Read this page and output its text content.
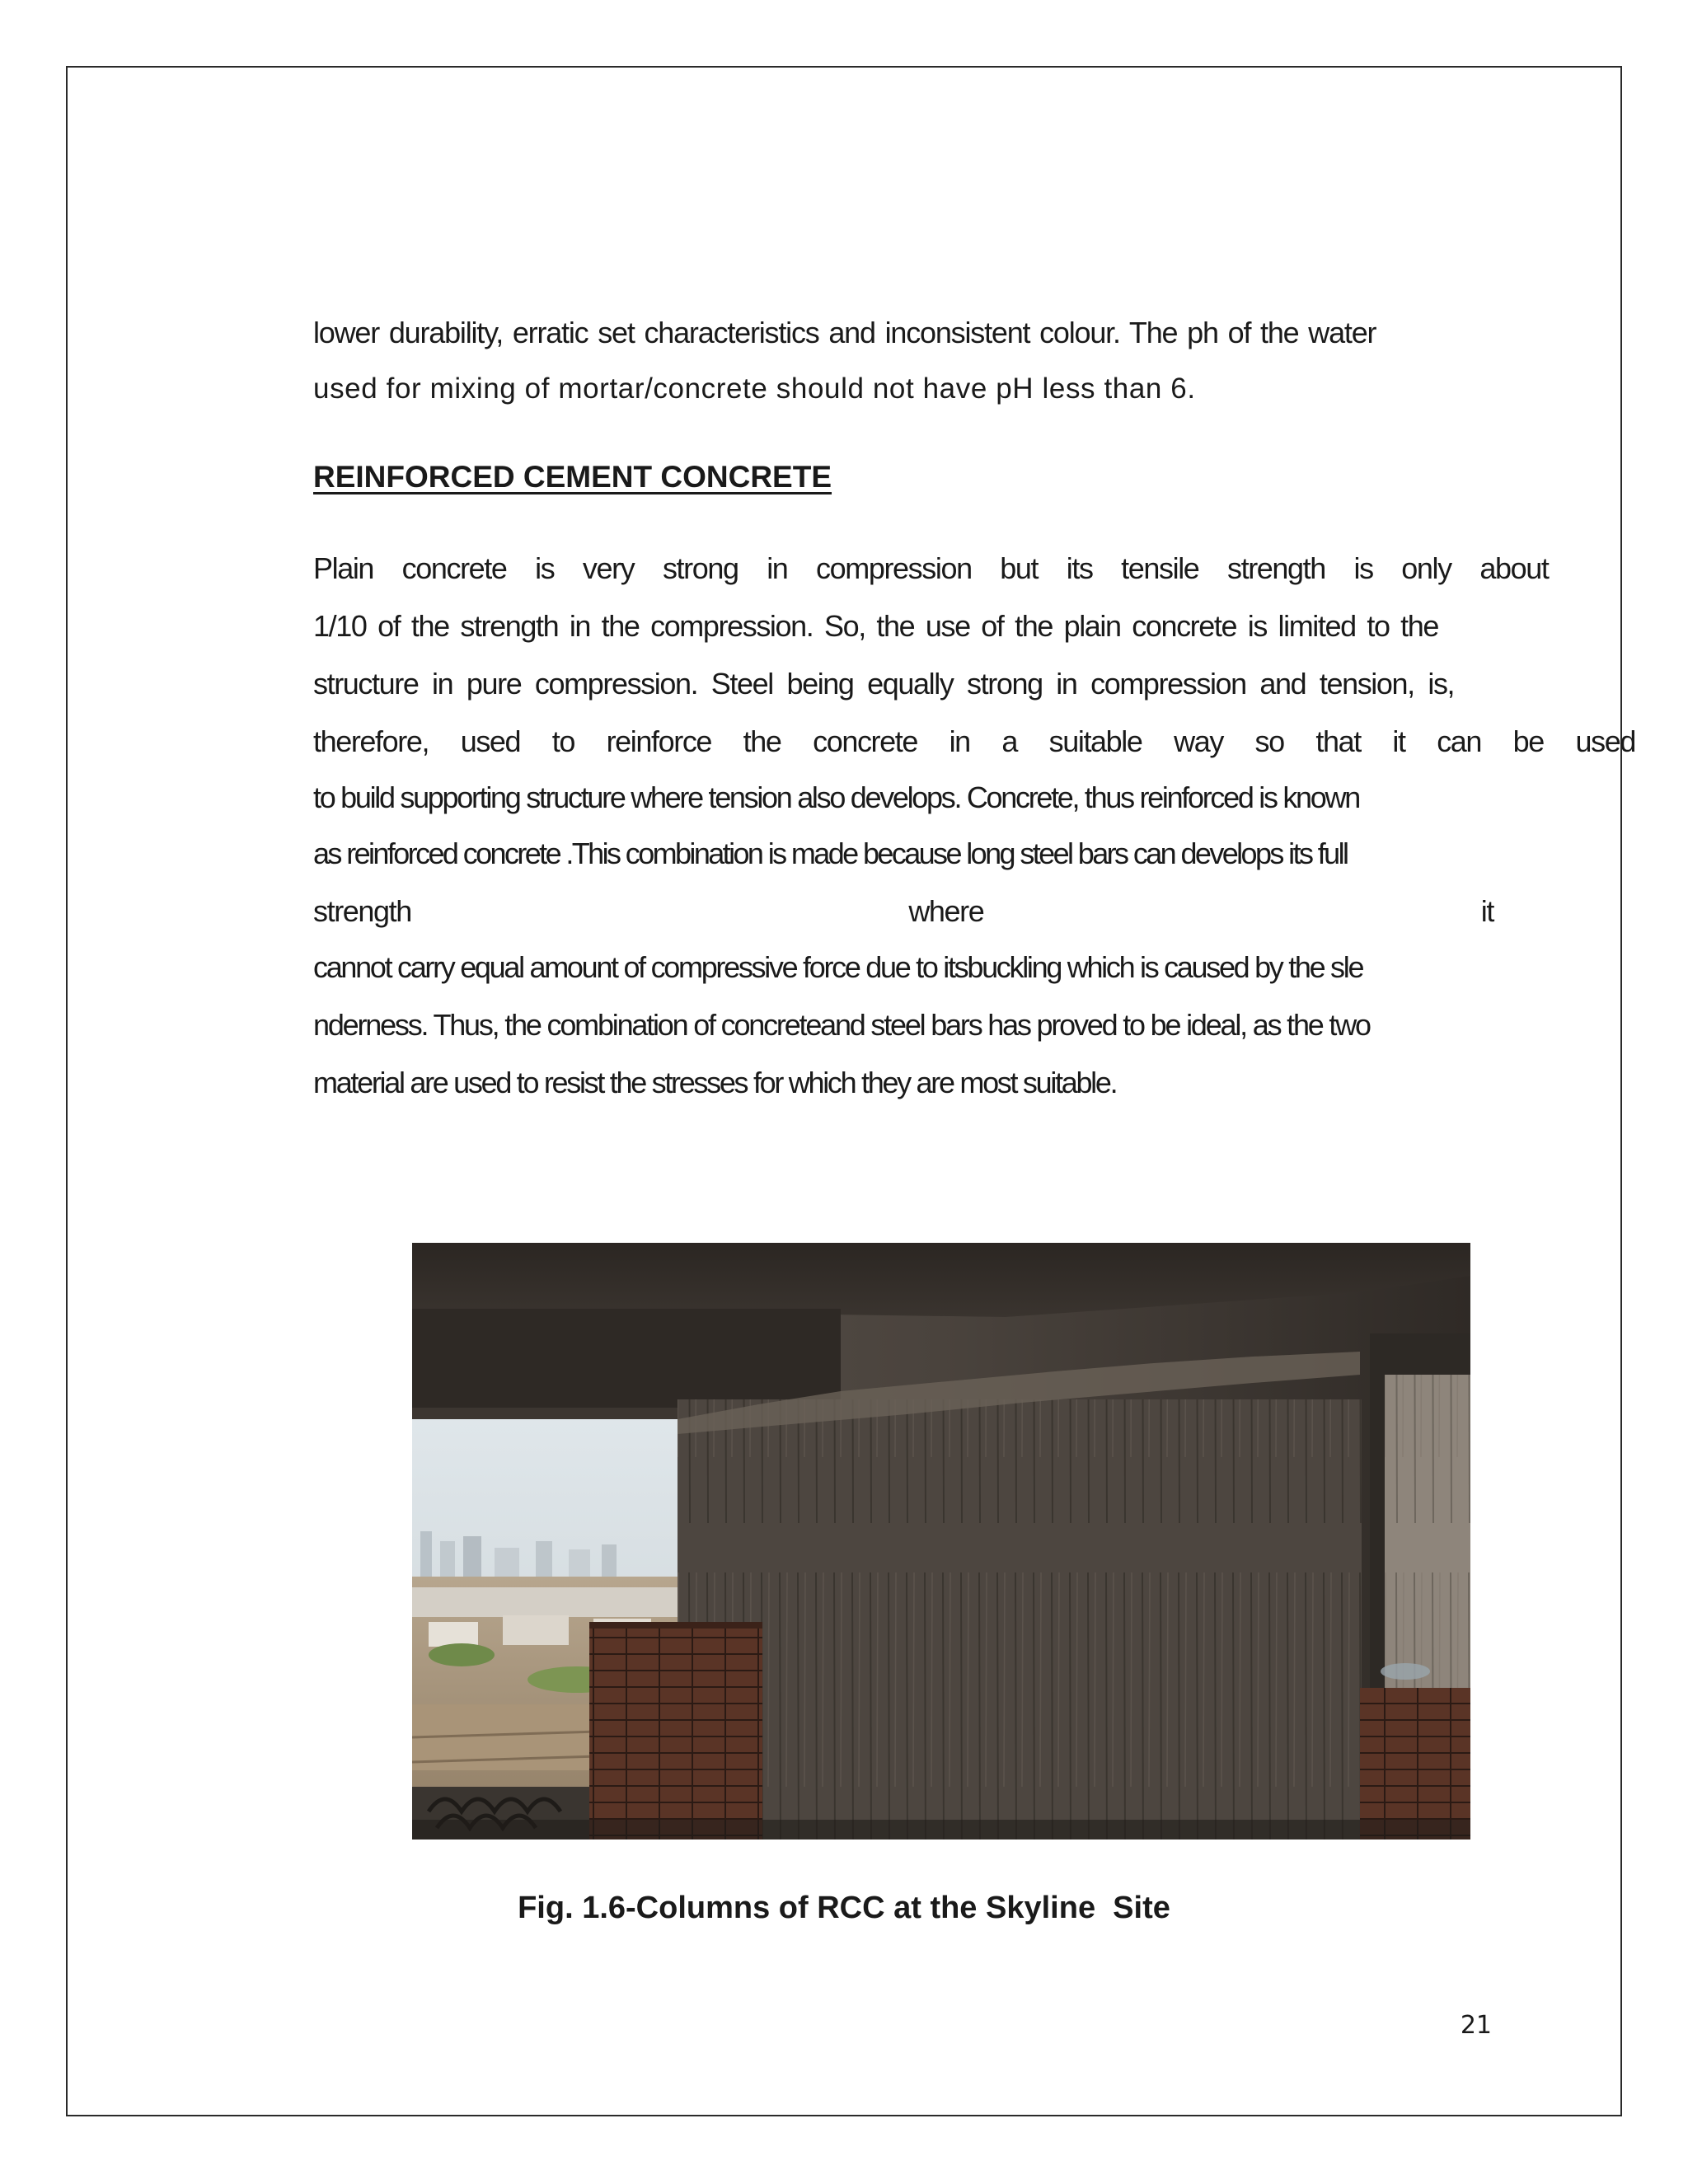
lower durability, erratic set characteristics and inconsistent colour. The ph of the water
used for mixing of mortar/concrete should not have pH less than 6.
REINFORCED CEMENT CONCRETE
Plain concrete is very strong in compression but its tensile strength is only about
1/10 of the strength in the compression. So, the use of the plain concrete is limited to the
structure in pure compression. Steel being equally strong in compression and tension, is,
therefore, used to reinforce the concrete in a suitable way so that it can be used
to build supporting structure where tension also develops. Concrete, thus reinforced is known
as reinforced concrete .This combination is made because long steel bars can develops its full
strength	where	it
cannot carry equal amount of compressive force due to itsbuckling which is caused by the sle
nderness. Thus, the combination of concreteand steel bars has proved to be ideal, as the two
material are used to resist the stresses for which they are most suitable.
Fig. 1.6-Columns of RCC at the Skyline  Site
21
